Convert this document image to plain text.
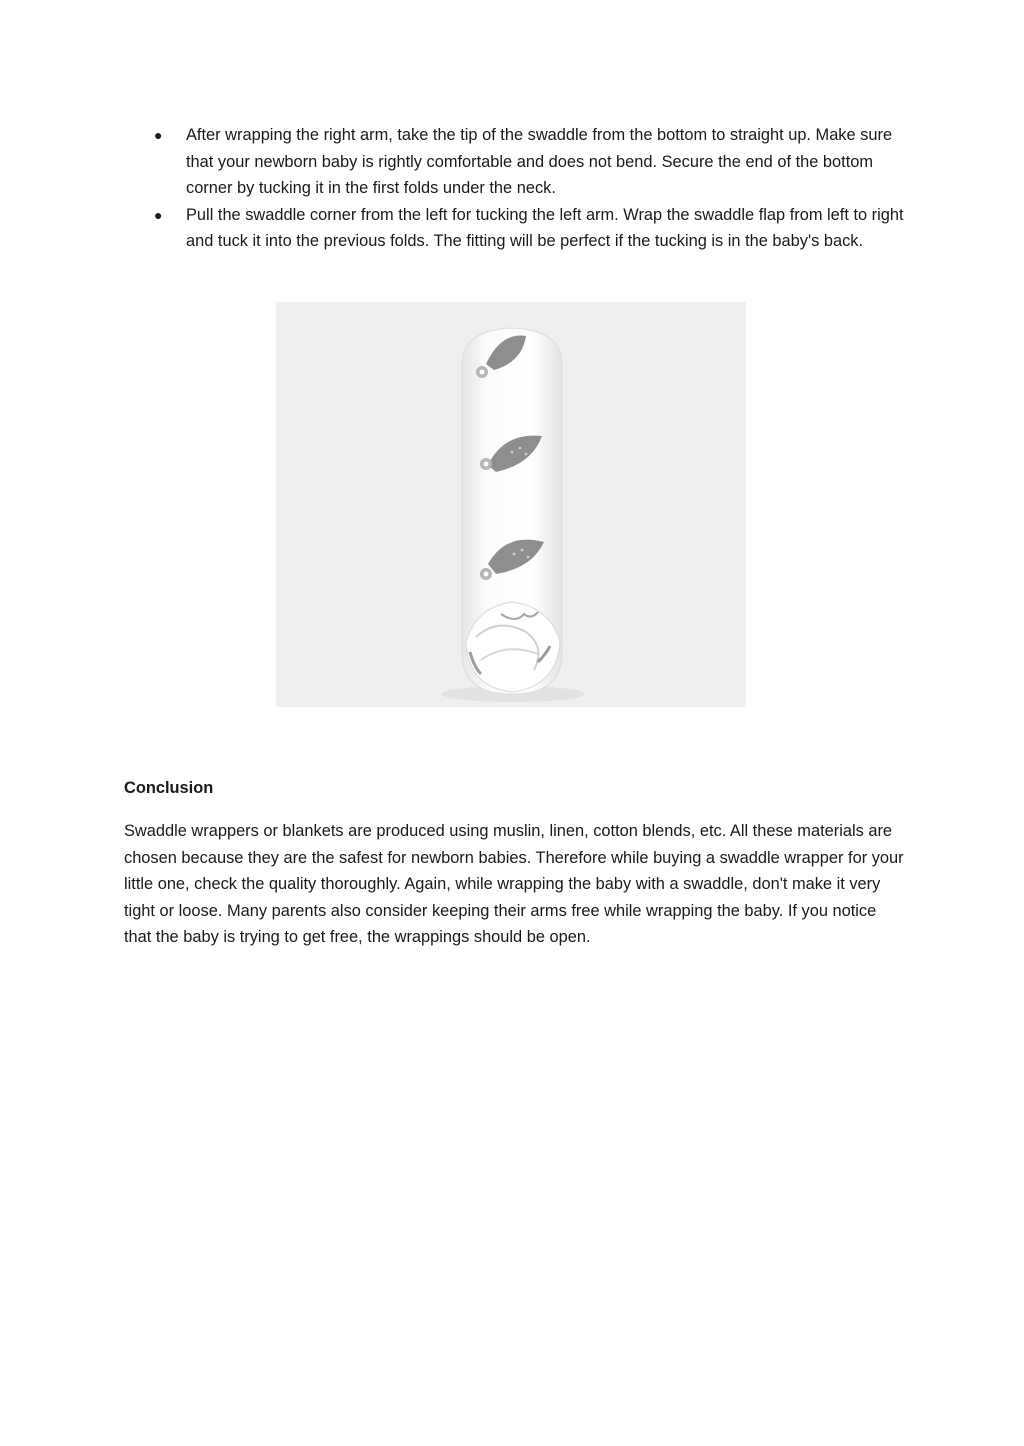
● After wrapping the right arm, take the tip of the swaddle from the bottom to straight up. Make sure that your newborn baby is rightly comfortable and does not bend. Secure the end of the bottom corner by tucking it in the first folds under the neck.
● Pull the swaddle corner from the left for tucking the left arm. Wrap the swaddle flap from left to right and tuck it into the previous folds. The fitting will be perfect if the tucking is in the baby's back.

Conclusion

Swaddle wrappers or blankets are produced using muslin, linen, cotton blends, etc. All these materials are chosen because they are the safest for newborn babies. Therefore while buying a swaddle wrapper for your little one, check the quality thoroughly. Again, while wrapping the baby with a swaddle, don't make it very tight or loose. Many parents also consider keeping their arms free while wrapping the baby. If you notice that the baby is trying to get free, the wrappings should be open.
